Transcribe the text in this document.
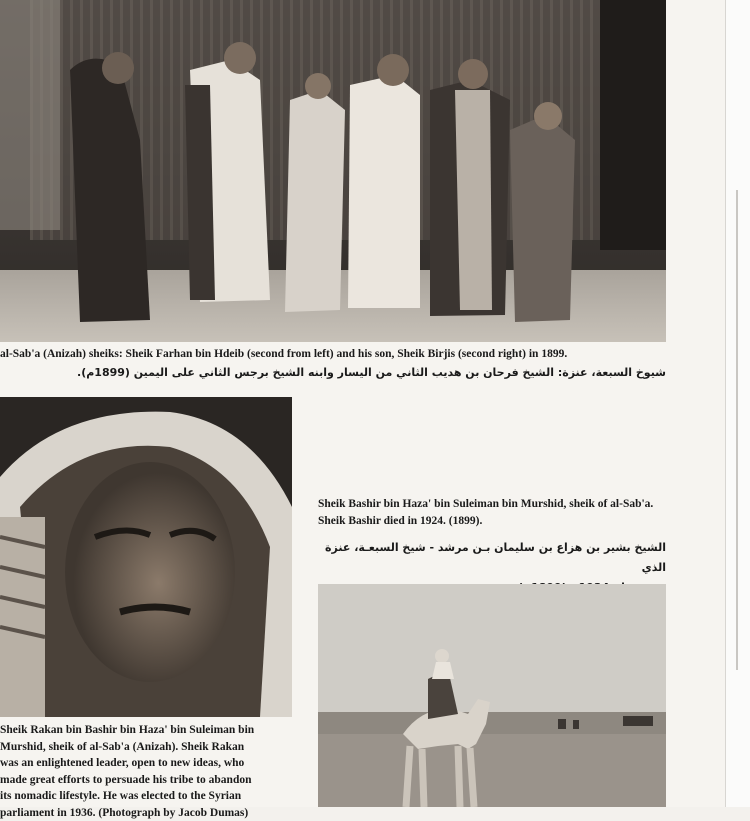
al-Sab'a (Anizah) sheiks: Sheik Farhan bin Hdeib (second from left) and his son, Sheik Birjis (second right) in 1899.
شيوخ السبعة، عنزة: الشيخ فرحان بن هديب الثاني من اليسار وابنه الشيخ برجس الثاني على اليمين (1899م).
Sheik Bashir bin Haza' bin Suleiman bin Murshid, sheik of al-Sab'a. Sheik Bashir died in 1924. (1899).
الشيخ بشير بن هزاع بن سليمان بـن مرشد - شيخ السبعـة، عنزة الذي
Sheik Rakan bin Bashir bin Haza' bin Suleiman bin
Murshid, sheik of al-Sab'a (Anizah). Sheik Rakan
was an enlightened leader, open to new ideas, who
made great efforts to persuade his tribe to abandon
its nomadic lifestyle. He was elected to the Syrian
parliament in 1936. (Photograph by Jacob Dumas)
